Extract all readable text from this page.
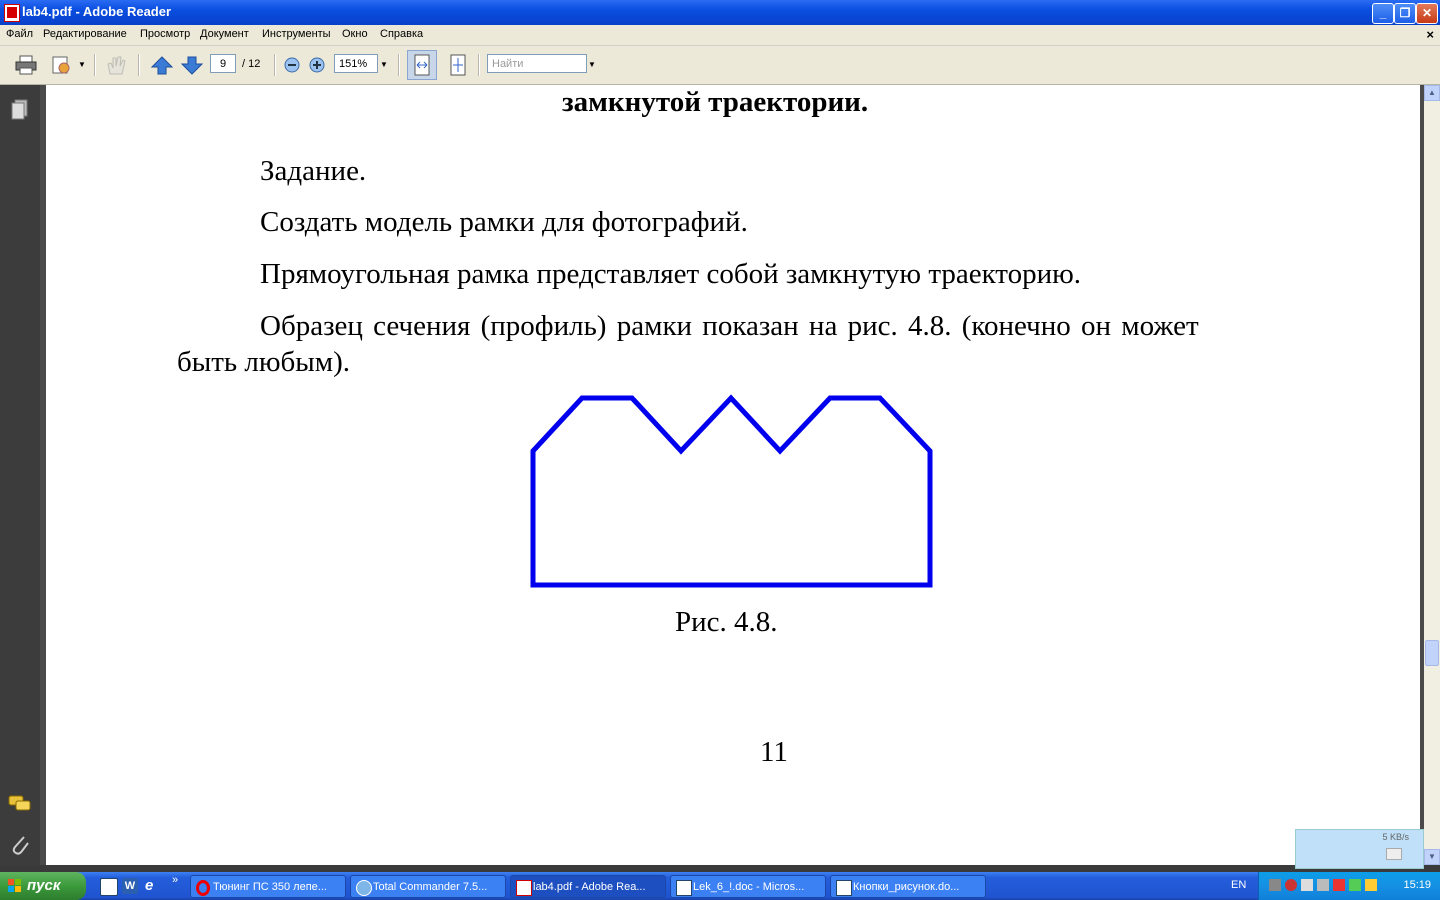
lab4.pdf - Adobe Reader	_	❐ ✕
Файл Редактирование Просмотр Документ Инструменты Окно Справка	×
▼	9	/ 12	151%	▼	Найти	▼
замкнутой траектории.
Задание.
Создать модель рамки для фотографий.
Прямоугольная рамка представляет собой замкнутую траекторию.
Образец сечения (профиль) рамки показан на рис. 4.8. (конечно он может
быть любым).
Рис. 4.8.
11
▲
▼
5 KB/s
пуск	W e	»
Тюнинг ПС 350 лепе...	Total Commander 7.5...	lab4.pdf - Adobe Rea...	Lek_6_!.doc - Micros...	Кнопки_рисунок.do...	EN	15:19
